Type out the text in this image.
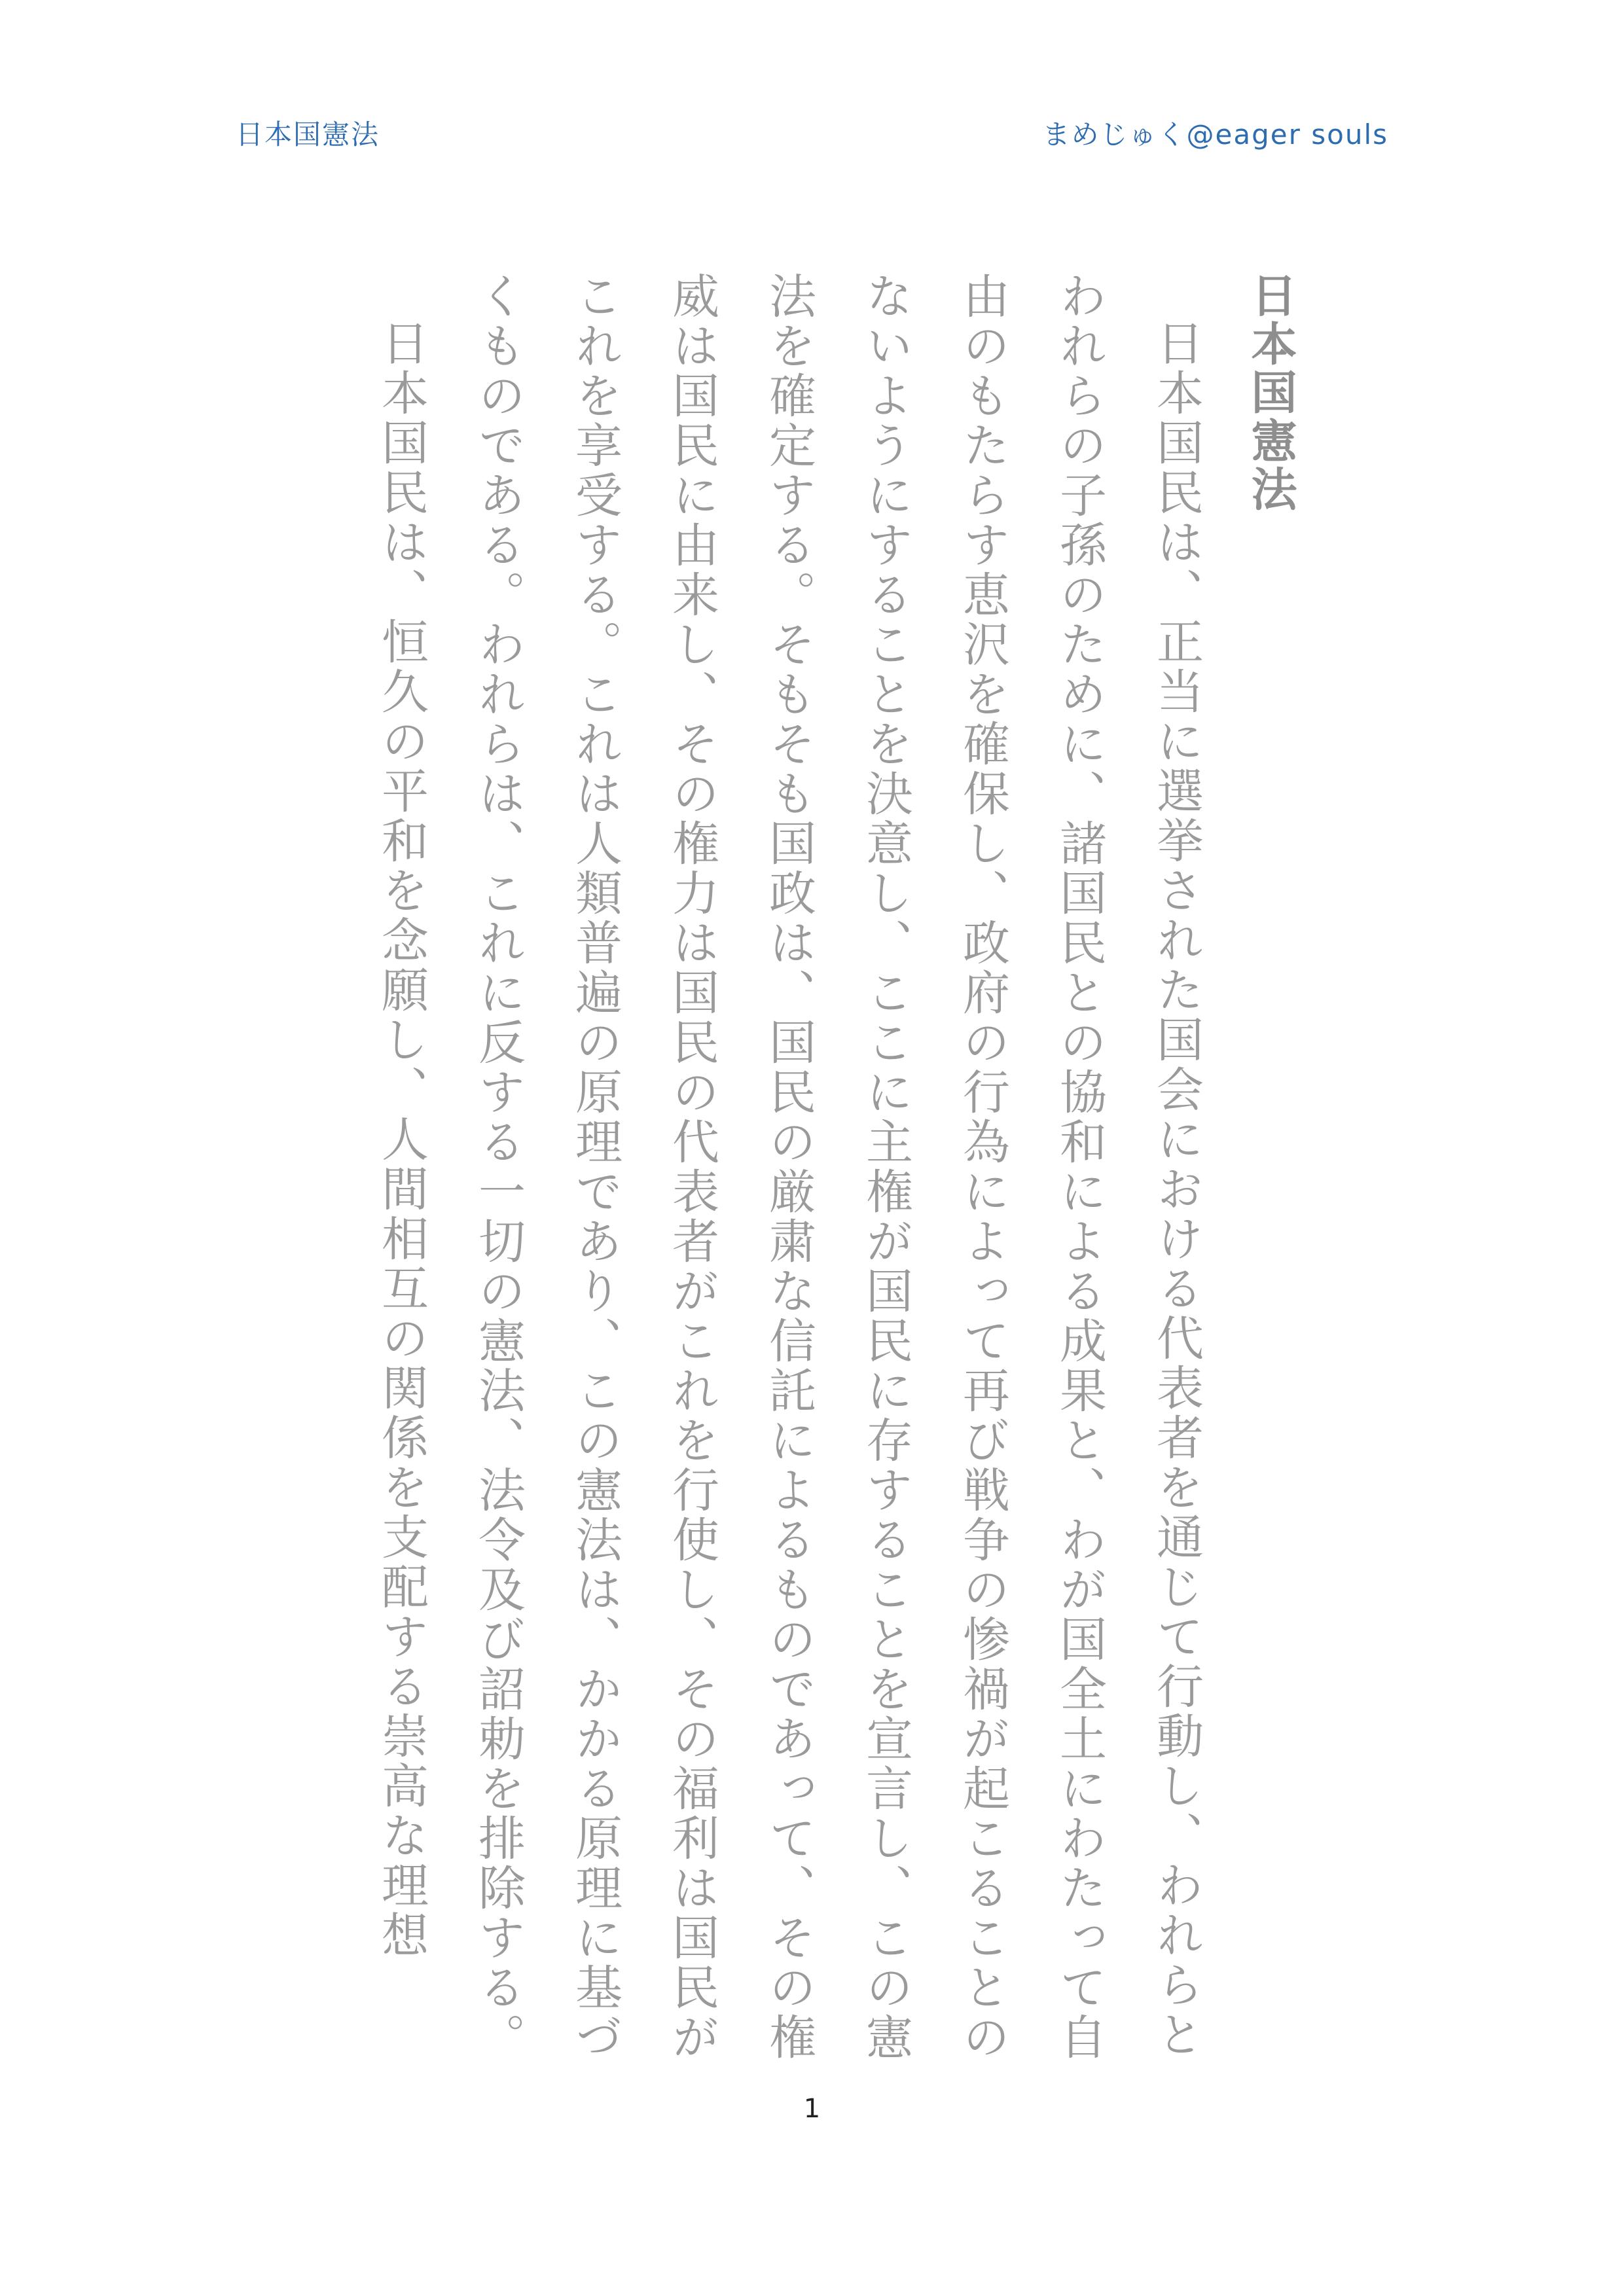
日本国憲法	まめじゅく@eager souls
日本国憲法

日本国民は、正当に選挙された国会における代表者を通じて行動し、われらとわれらの子孫のために、諸国民との協和による成果と、わが国全土にわたって自由のもたらす恵沢を確保し、政府の行為によって再び戦争の惨禍が起こることのないようにすることを決意し、ここに主権が国民に存することを宣言し、この憲法を確定する。そもそも国政は、国民の厳粛な信託によるものであって、その権威は国民に由来し、その権力は国民の代表者がこれを行使し、その福利は国民がこれを享受する。これは人類普遍の原理であり、この憲法は、かかる原理に基づくものである。われらは、これに反する一切の憲法、法令及び詔勅を排除する。

日本国民は、恒久の平和を念願し、人間相互の関係を支配する崇高な理想

1
